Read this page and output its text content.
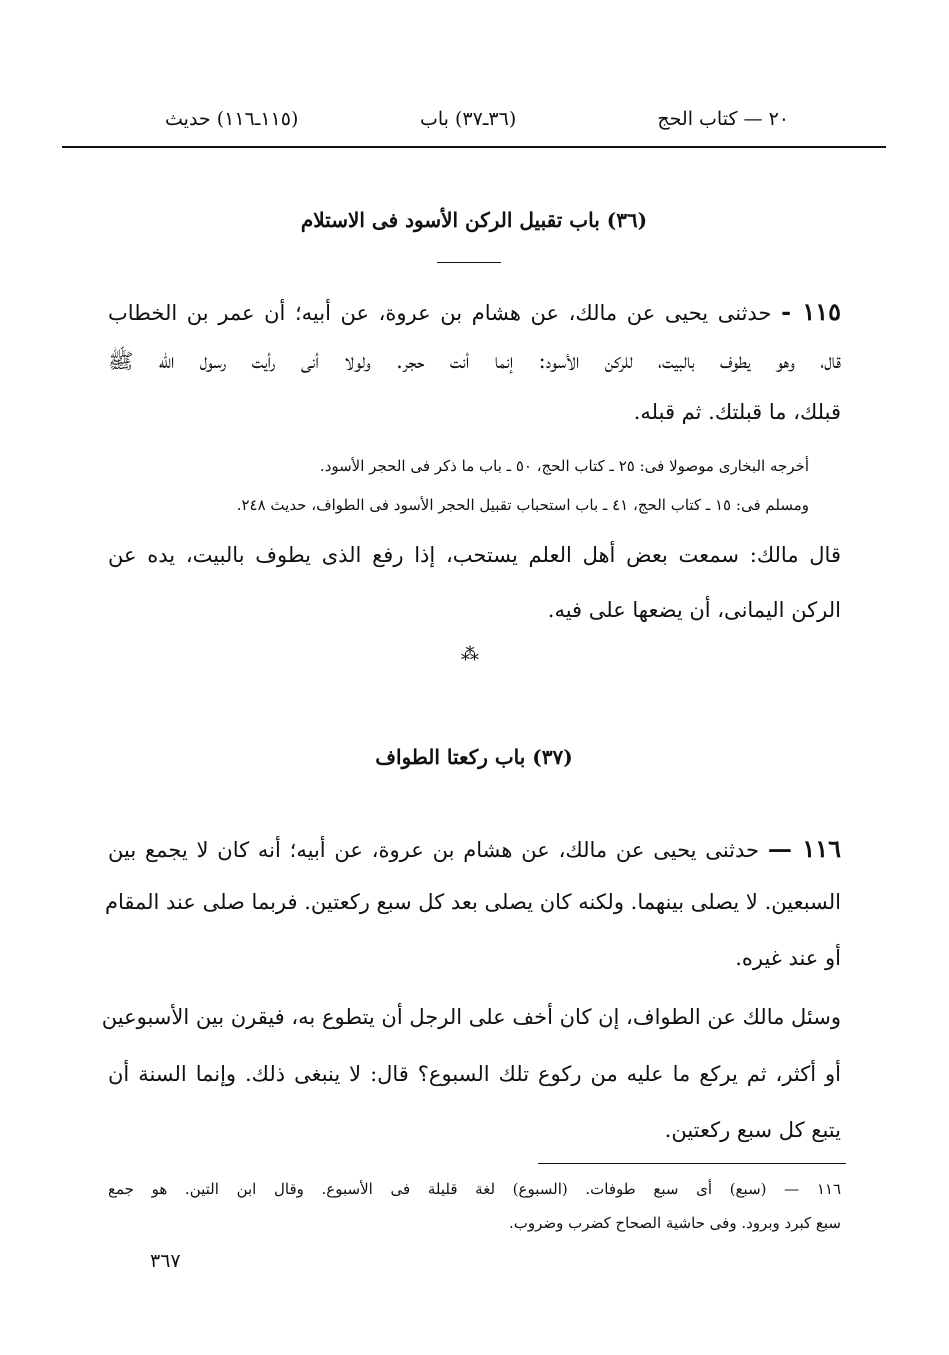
٢٠ — كتاب الحج
(٣٦ـ٣٧) باب
(١١٥ـ١١٦) حديث
(٣٦) باب تقبيل الركن الأسود فى الاستلام
١١٥ - حدثنى يحيى عن مالك، عن هشام بن عروة، عن أبيه؛ أن عمر بن الخطاب
قال، وهو يطوف بالبيت، للركن الأسود: إنما أنت حجر. ولولا أنى رأيت رسول الله ﷺ
قبلك، ما قبلتك. ثم قبله.
أخرجه البخارى موصولا فى: ٢٥ ـ كتاب الحج، ٥٠ ـ باب ما ذكر فى الحجر الأسود.
ومسلم فى: ١٥ ـ كتاب الحج، ٤١ ـ باب استحباب تقبيل الحجر الأسود فى الطواف، حديث ٢٤٨.
قال مالك: سمعت بعض أهل العلم يستحب، إذا رفع الذى يطوف بالبيت، يده عن
الركن اليمانى، أن يضعها على فيه.
⁂
(٣٧) باب ركعتا الطواف
١١٦ — حدثنى يحيى عن مالك، عن هشام بن عروة، عن أبيه؛ أنه كان لا يجمع بين
السبعين. لا يصلى بينهما. ولكنه كان يصلى بعد كل سبع ركعتين. فربما صلى عند المقام
أو عند غيره.
وسئل مالك عن الطواف، إن كان أخف على الرجل أن يتطوع به، فيقرن بين الأسبوعين
أو أكثر، ثم يركع ما عليه من ركوع تلك السبوع؟ قال: لا ينبغى ذلك. وإنما السنة أن
يتبع كل سبع ركعتين.
١١٦ — (سبع) أى سبع طوفات. (السبوع) لغة قليلة فى الأسبوع. وقال ابن التين. هو جمع
سبع كبرد وبرود. وفى حاشية الصحاح كضرب وضروب.
٣٦٧
